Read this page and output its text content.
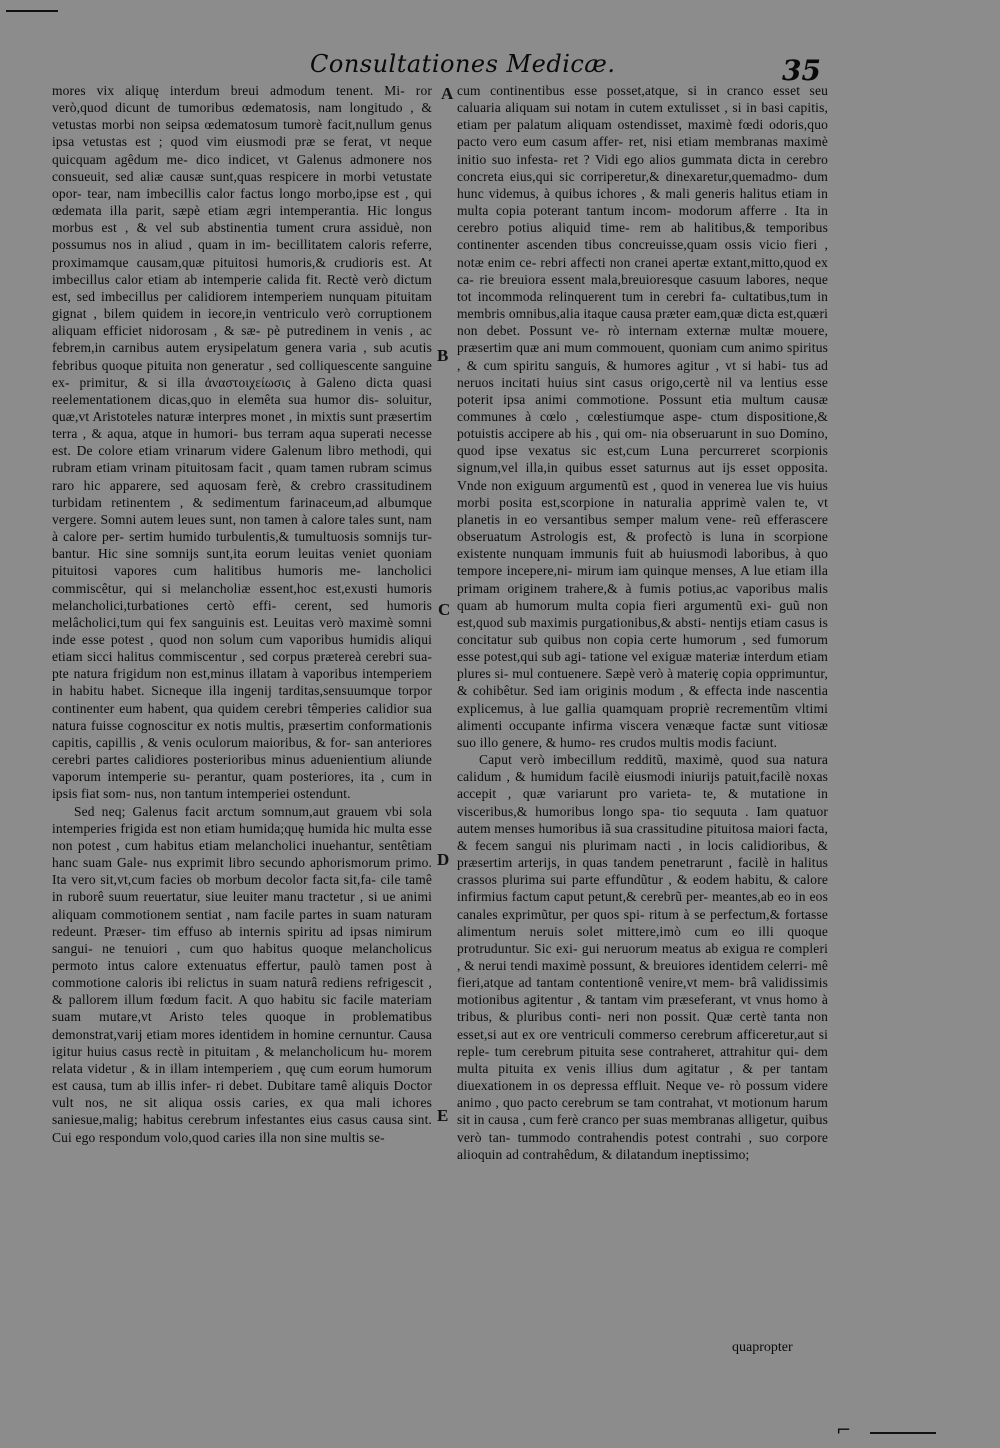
Consultationes Medicæ.	35

mores vix aliquę interdum breui admodum tenent. Mi- ror verò,quod dicunt de tumoribus œdematosis, nam longitudo , & vetustas morbi non seipsa œdematosum tumorè facit,nullum genus ipsa vetustas est ; quod vim eiusmodi præ se ferat, vt neque quicquam agêdum me- dico indicet, vt Galenus admonere nos consueuit, sed aliæ causæ sunt,quas respicere in morbi vetustate opor- tear, nam imbecillis calor factus longo morbo,ipse est , qui œdemata illa parit, sæpè etiam ægri intemperantia. Hic longus morbus est , & vel sub abstinentia tument crura assiduè, non possumus nos in aliud , quam in im- becillitatem caloris referre, proximamque causam,quæ pituitosi humoris,& crudioris est. At imbecillus calor etiam ab intemperie calida fit. Rectè verò dictum est, sed imbecillus per calidiorem intemperiem nunquam pituitam gignat , bilem quidem in iecore,in ventriculo verò corruptionem aliquam efficiet nidorosam , & sæ- pè putredinem in venis , ac febrem,in carnibus autem erysipelatum genera varia , sub acutis febribus quoque pituita non generatur , sed colliquescente sanguine ex- primitur, & si illa ἀναστοιχείωσις à Galeno dicta quasi reelementationem dicas,quo in elemêta sua humor dis- soluitur, quæ,vt Aristoteles naturæ interpres monet , in mixtis sunt præsertim terra , & aqua, atque in humori- bus terram aqua superati necesse est. De colore etiam vrinarum videre Galenum libro methodi, qui rubram etiam vrinam pituitosam facit , quam tamen rubram scimus raro hic apparere, sed aquosam ferè, & crebro crassitudinem turbidam retinentem , & sedimentum farinaceum,ad albumque vergere. Somni autem leues sunt, non tamen à calore tales sunt, nam à calore per- sertim humido turbulentis,& tumultuosis somnijs tur- bantur. Hic sine somnijs sunt,ita eorum leuitas veniet quoniam pituitosi vapores cum halitibus humoris me- lancholici commiscêtur, qui si melancholiæ essent,hoc est,exusti humoris melancholici,turbationes certò effi- cerent, sed humoris melâcholici,tum qui fex sanguinis est. Leuitas verò maximè somni inde esse potest , quod non solum cum vaporibus humidis aliqui etiam sicci halitus commiscentur , sed corpus prætereà cerebri sua- pte natura frigidum non est,minus illatam à vaporibus intemperiem in habitu habet. Sicneque illa ingenij tarditas,sensuumque torpor continenter eum habent, qua quidem cerebri têmperies calidior sua natura fuisse cognoscitur ex notis multis, præsertim conformationis capitis, capillis , & venis oculorum maioribus, & for- san anteriores cerebri partes calidiores posterioribus minus aduenientium aliunde vaporum intemperie su- perantur, quam posteriores, ita , cum in ipsis fiat som- nus, non tantum intemperiei ostendunt.

Sed neq; Galenus facit arctum somnum,aut grauem vbi sola intemperies frigida est non etiam humida;quę humida hic multa esse non potest , cum habitus etiam melancholici inuehantur, sentêtiam hanc suam Gale- nus exprimit libro secundo aphorismorum primo. Ita vero sit,vt,cum facies ob morbum decolor facta sit,fa- cile tamê in ruborê suum reuertatur, siue leuiter manu tractetur , si ue animi aliquam commotionem sentiat , nam facile partes in suam naturam redeunt. Præser- tim effuso ab internis spiritu ad ipsas nimirum sangui- ne tenuiori , cum quo habitus quoque melancholicus permoto intus calore extenuatus effertur, paulò tamen post à commotione caloris ibi relictus in suam naturâ rediens refrigescit , & pallorem illum fœdum facit. A quo habitu sic facile materiam suam mutare,vt Aristo teles quoque in problematibus demonstrat,varij etiam mores identidem in homine cernuntur. Causa igitur huius casus rectè in pituitam , & melancholicum hu- morem relata videtur , & in illam intemperiem , quę cum eorum humorum est causa, tum ab illis infer- ri debet. Dubitare tamê aliquis Doctor vult nos, ne sit aliqua ossis caries, ex qua mali ichores saniesue,malig; habitus cerebrum infestantes eius casus causa sint. Cui ego respondum volo,quod caries illa non sine multis se-

A
B
C
D
E

cum continentibus esse posset,atque, si in cranco esset seu caluaria aliquam sui notam in cutem extulisset , si in basi capitis, etiam per palatum aliquam ostendisset, maximè fœdi odoris,quo pacto vero eum casum affer- ret, nisi etiam membranas maximè initio suo infesta- ret ? Vidi ego alios gummata dicta in cerebro concreta eius,qui sic corriperetur,& dinexaretur,quemadmo- dum hunc videmus, à quibus ichores , & mali generis halitus etiam in multa copia poterant tantum incom- modorum afferre . Ita in cerebro potius aliquid time- rem ab halitibus,& temporibus continenter ascenden tibus concreuisse,quam ossis vicio fieri , notæ enim ce- rebri affecti non cranei apertæ extant,mitto,quod ex ca- rie breuiora essent mala,breuioresque casuum labores, neque tot incommoda relinquerent tum in cerebri fa- cultatibus,tum in membris omnibus,alia itaque causa præter eam,quæ dicta est,quæri non debet. Possunt ve- rò internam externæ multæ mouere, præsertim quæ ani mum commouent, quoniam cum animo spiritus , & cum spiritu sanguis, & humores agitur , vt si habi- tus ad neruos incitati huius sint casus origo,certè nil va lentius esse poterit ipsa animi commotione. Possunt etia multum causæ communes à cœlo , cœlestiumque aspe- ctum dispositione,& potuistis accipere ab his , qui om- nia obseruarunt in suo Domino, quod ipse vexatus sic est,cum Luna percurreret scorpionis signum,vel illa,in quibus esset saturnus aut ijs esset opposita. Vnde non exiguum argumentũ est , quod in venerea lue vis huius morbi posita est,scorpione in naturalia apprimè valen te, vt planetis in eo versantibus semper malum vene- reũ efferascere obseruatum Astrologis est, & profectò is luna in scorpione existente nunquam immunis fuit ab huiusmodi laboribus, à quo tempore incepere,ni- mirum iam quinque menses, A lue etiam illa primam originem trahere,& à fumis potius,ac vaporibus malis quam ab humorum multa copia fieri argumentũ exi- guũ non est,quod sub maximis purgationibus,& absti- nentijs etiam casus is concitatur sub quibus non copia certe humorum , sed fumorum esse potest,qui sub agi- tatione vel exiguæ materiæ interdum etiam plures si- mul contuenere. Sæpè verò à materię copia opprimuntur, & cohibêtur. Sed iam originis modum , & effecta inde nascentia explicemus, à lue gallia quamquam propriè recrementũm vltimi alimenti occupante infirma viscera venæque factæ sunt vitiosæ suo illo genere, & humo- res crudos multis modis faciunt.

Caput verò imbecillum redditũ, maximè, quod sua natura calidum , & humidum facilè eiusmodi iniurijs patuit,facilè noxas accepit , quæ variarunt pro varieta- te, & mutatione in visceribus,& humoribus longo spa- tio sequuta . Iam quatuor autem menses humoribus iã sua crassitudine pituitosa maiori facta, & fecem sangui nis plurimam nacti , in locis calidioribus, & præsertim arterijs, in quas tandem penetrarunt , facilè in halitus crassos plurima sui parte effundũtur , & eodem habitu, & calore infirmius factum caput petunt,& cerebrũ per- meantes,ab eo in eos canales exprimũtur, per quos spi- ritum à se perfectum,& fortasse alimentum neruis solet mittere,imò cum eo illi quoque protruduntur. Sic exi- gui neruorum meatus ab exigua re compleri , & nerui tendi maximè possunt, & breuiores identidem celerri- mê fieri,atque ad tantam contentionê venire,vt mem- brâ validissimis motionibus agitentur , & tantam vim præseferant, vt vnus homo à tribus, & pluribus conti- neri non possit. Quæ certè tanta non esset,si aut ex ore ventriculi commerso cerebrum afficeretur,aut si reple- tum cerebrum pituita sese contraheret, attrahitur qui- dem multa pituita ex venis illius dum agitatur , & per tantam diuexationem in os depressa effluit. Neque ve- rò possum videre animo , quo pacto cerebrum se tam contrahat, vt motionum harum sit in causa , cum ferè cranco per suas membranas alligetur, quibus verò tan- tummodo contrahendis potest contrahi , suo corpore alioquin ad contrahêdum, & dilatandum ineptissimo;

quapropter
⌐
